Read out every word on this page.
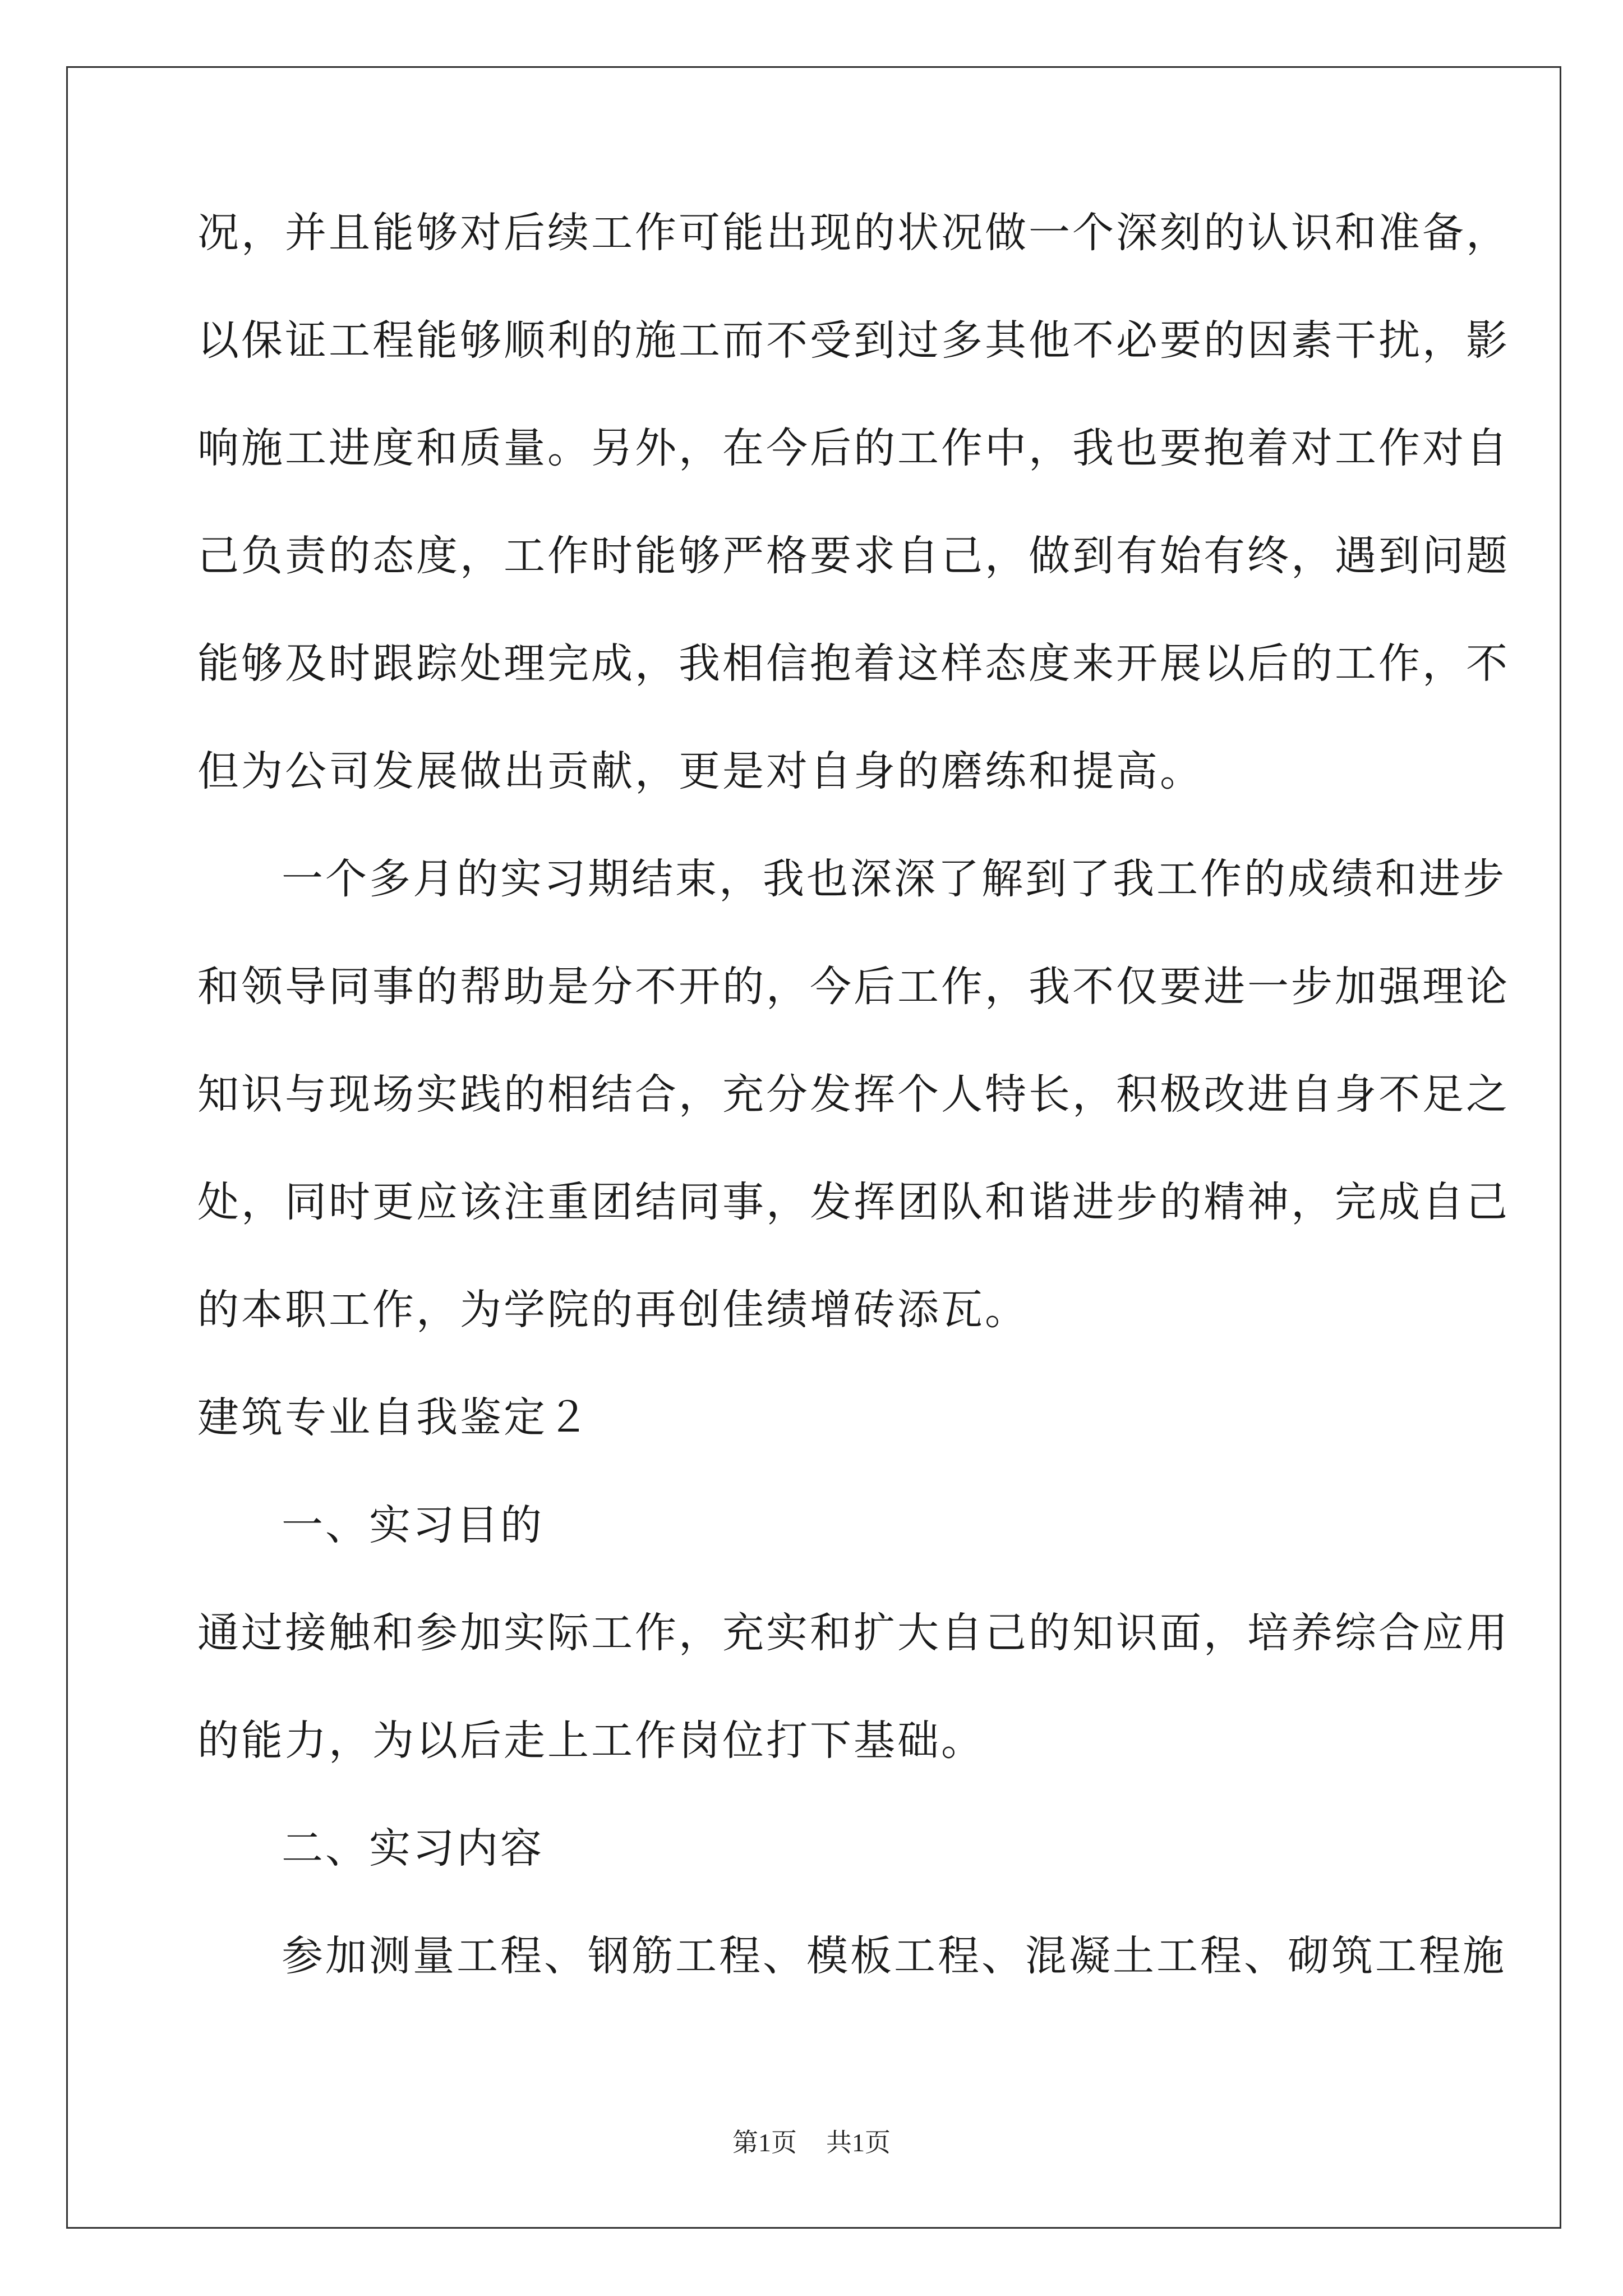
况，并且能够对后续工作可能出现的状况做一个深刻的认识和准备，
以保证工程能够顺利的施工而不受到过多其他不必要的因素干扰，影
响施工进度和质量。另外，在今后的工作中，我也要抱着对工作对自
己负责的态度，工作时能够严格要求自己，做到有始有终，遇到问题
能够及时跟踪处理完成，我相信抱着这样态度来开展以后的工作，不
但为公司发展做出贡献，更是对自身的磨练和提高。
一个多月的实习期结束，我也深深了解到了我工作的成绩和进步
和领导同事的帮助是分不开的，今后工作，我不仅要进一步加强理论
知识与现场实践的相结合，充分发挥个人特长，积极改进自身不足之
处，同时更应该注重团结同事，发挥团队和谐进步的精神，完成自己
的本职工作，为学院的再创佳绩增砖添瓦。
建筑专业自我鉴定２
一、实习目的
通过接触和参加实际工作，充实和扩大自己的知识面，培养综合应用
的能力，为以后走上工作岗位打下基础。
二、实习内容
参加测量工程、钢筋工程、模板工程、混凝土工程、砌筑工程施
第1页 共1页
